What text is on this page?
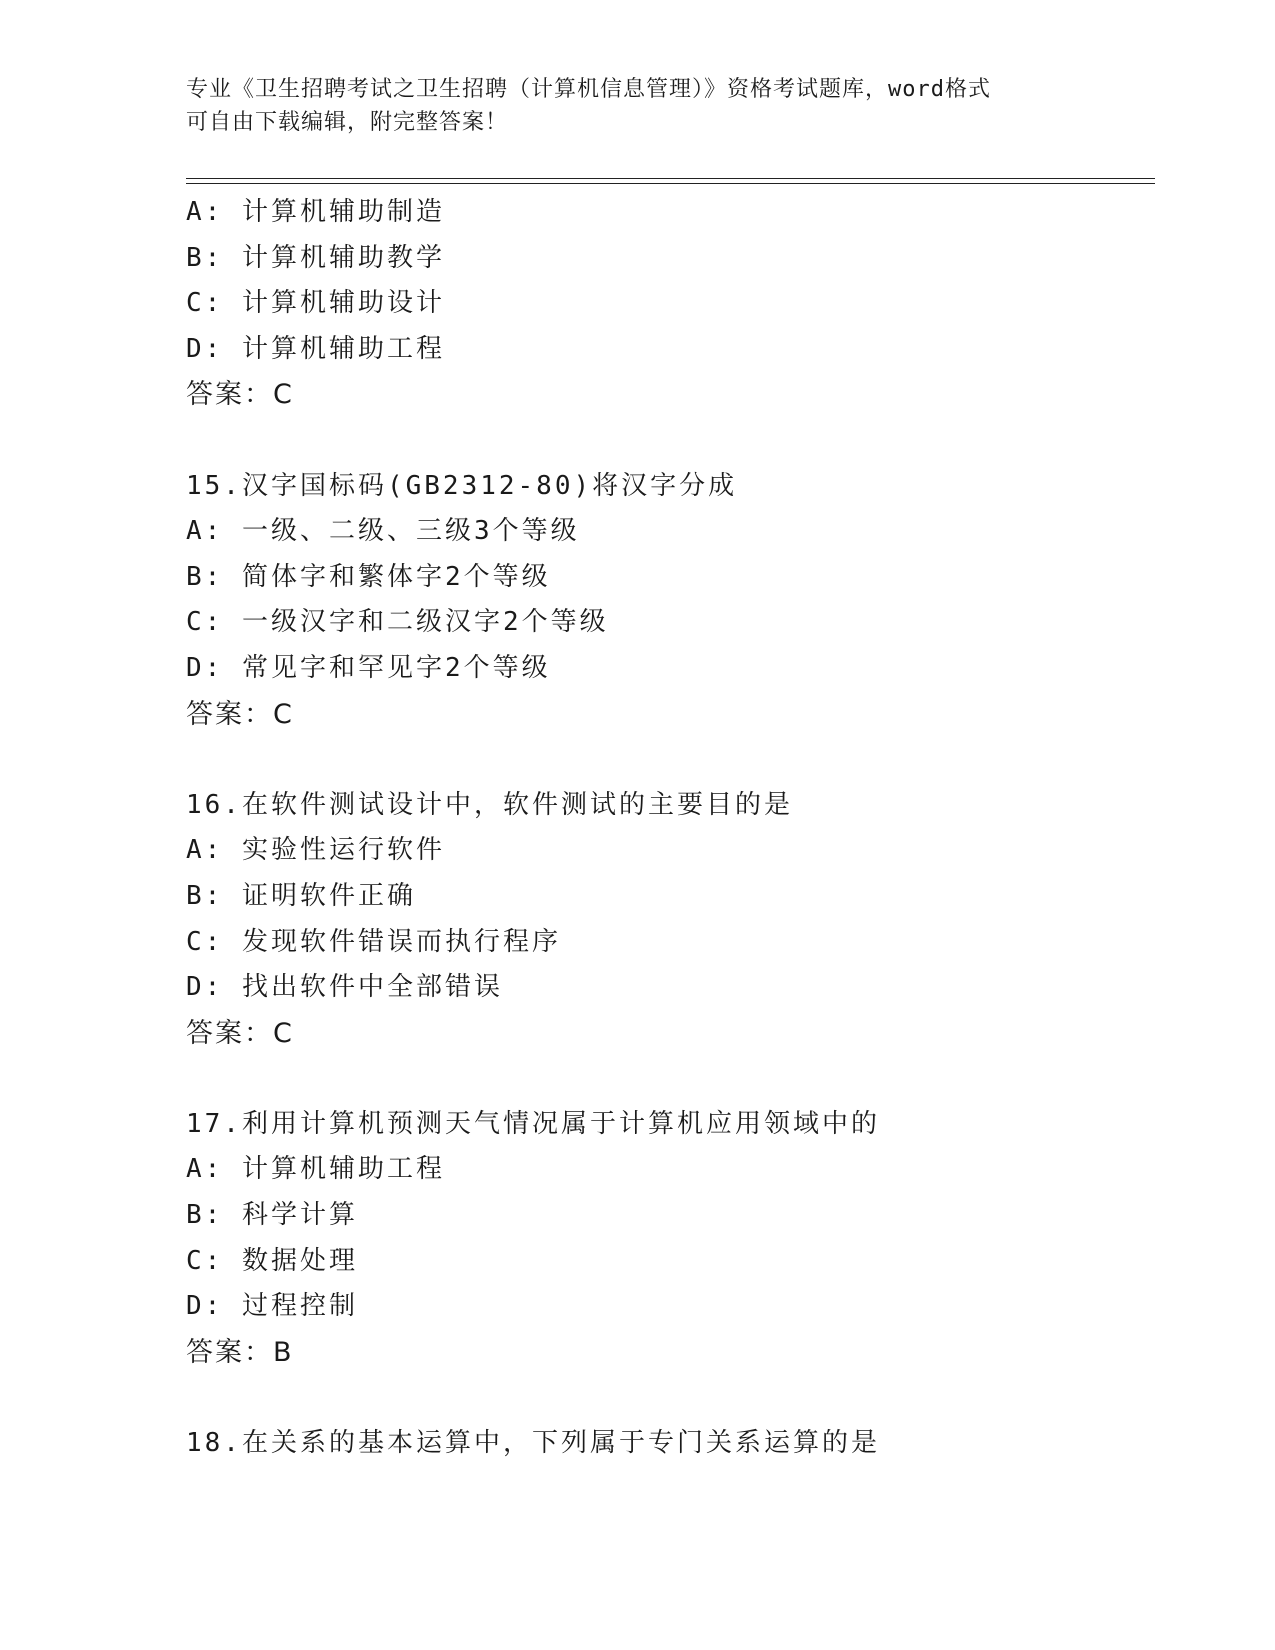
专业《卫生招聘考试之卫生招聘（计算机信息管理）》资格考试题库，word格式
可自由下载编辑，附完整答案！
A: 计算机辅助制造
B: 计算机辅助教学
C: 计算机辅助设计
D: 计算机辅助工程
答案：C
15.汉字国标码(GB2312-80)将汉字分成
A: 一级、二级、三级3个等级
B: 简体字和繁体字2个等级
C: 一级汉字和二级汉字2个等级
D: 常见字和罕见字2个等级
答案：C
16.在软件测试设计中，软件测试的主要目的是
A: 实验性运行软件
B: 证明软件正确
C: 发现软件错误而执行程序
D: 找出软件中全部错误
答案：C
17.利用计算机预测天气情况属于计算机应用领域中的
A: 计算机辅助工程
B: 科学计算
C: 数据处理
D: 过程控制
答案：B
18.在关系的基本运算中，下列属于专门关系运算的是
